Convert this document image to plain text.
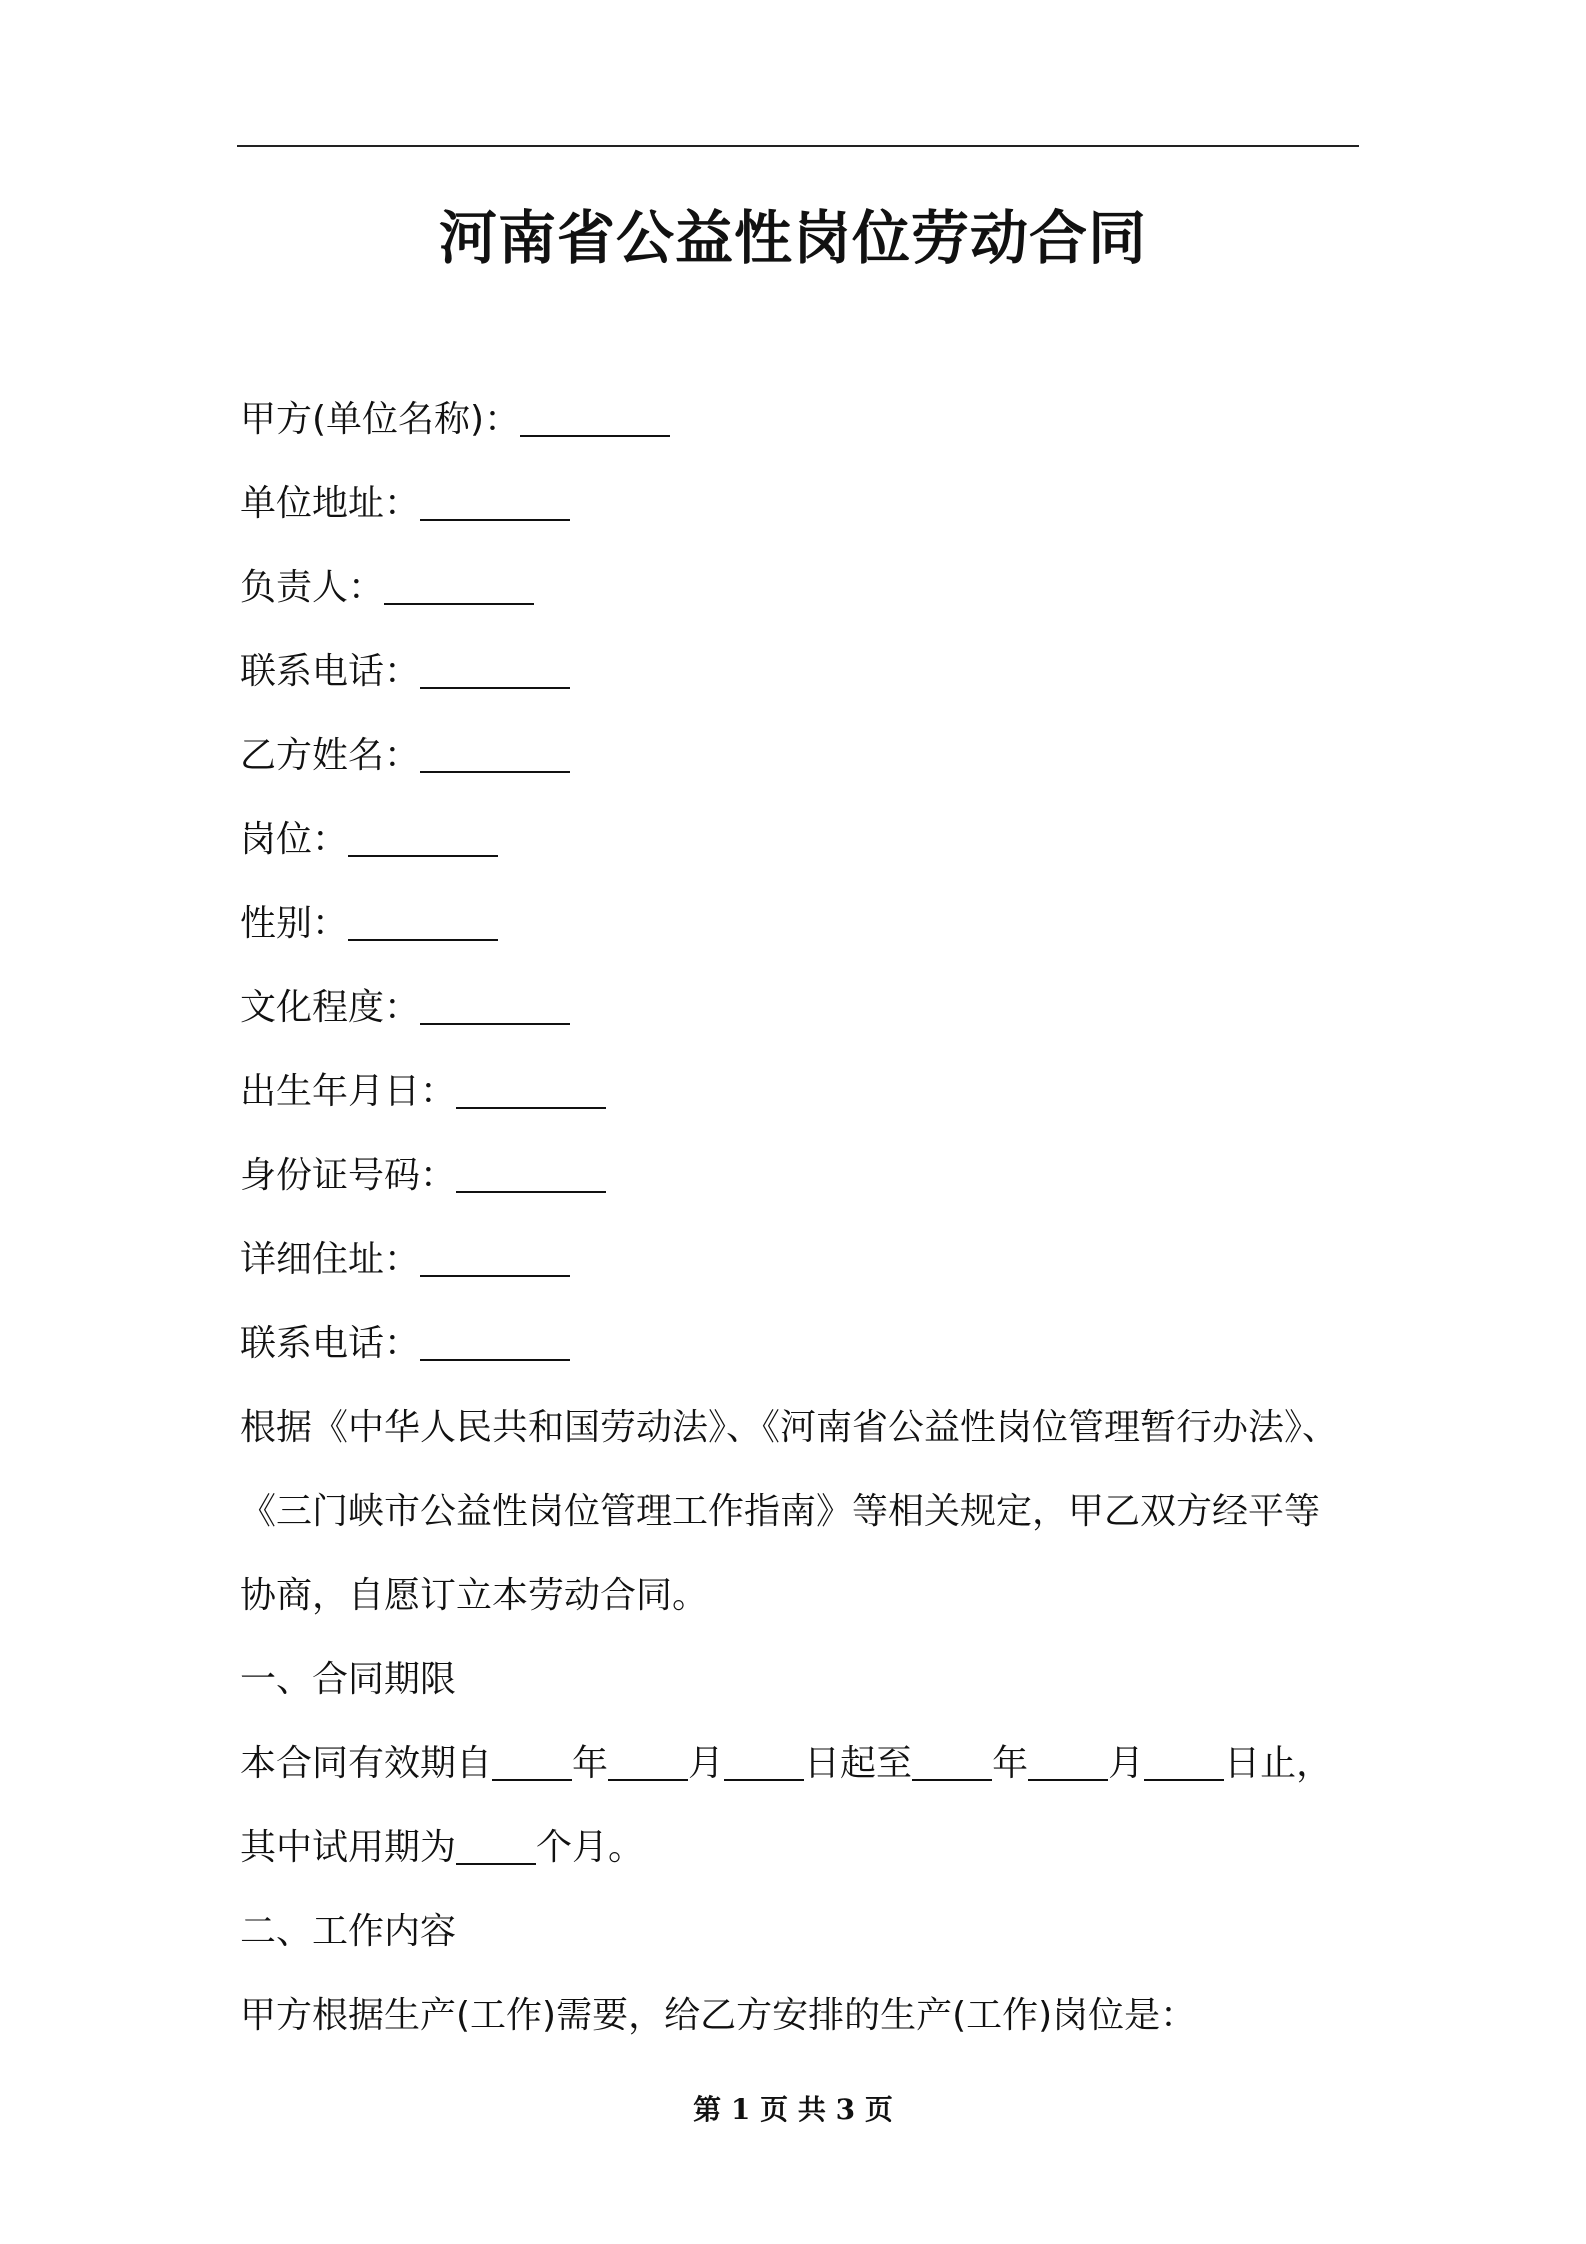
河南省公益性岗位劳动合同
甲方(单位名称)：
单位地址：
负责人：
联系电话：
乙方姓名：
岗位：
性别：
文化程度：
出生年月日：
身份证号码：
详细住址：
联系电话：
根据《中华人民共和国劳动法》、《河南省公益性岗位管理暂行办法》、
《三门峡市公益性岗位管理工作指南》等相关规定，甲乙双方经平等
协商，自愿订立本劳动合同。
一、合同期限
本合同有效期自 年 月 日起至 年 月 日止，
其中试用期为 个月。
二、工作内容
甲方根据生产(工作)需要，给乙方安排的生产(工作)岗位是：
第 1 页 共 3 页
